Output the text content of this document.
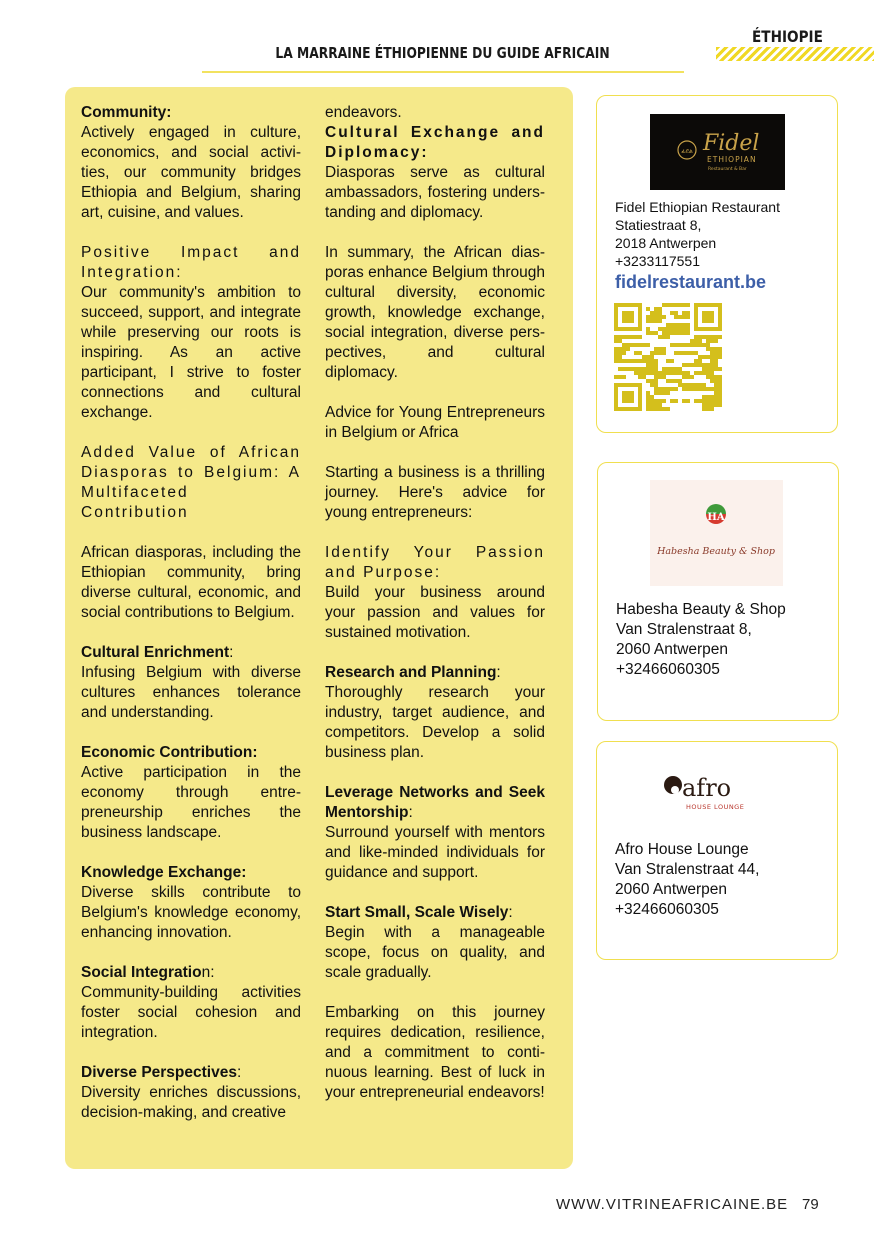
LA MARRAINE ÉTHIOPIENNE DU GUIDE AFRICAIN
ÉTHIOPIE

Community:
Actively engaged in culture, economics, and social activi-ties, our community bridges Ethiopia and Belgium, sharing art, cuisine, and values.

Positive Impact and Integration:
Our community's ambition to succeed, support, and integrate while preserving our roots is inspiring. As an active participant, I strive to foster connections and cultural exchange.

Added Value of African Diasporas to Belgium: A Multifaceted Contribution

African diasporas, including the Ethiopian community, bring diverse cultural, economic, and social contributions to Belgium.

Cultural Enrichment:
Infusing Belgium with diverse cultures enhances tolerance and understanding.

Economic Contribution:
Active participation in the economy through entre-preneurship enriches the business landscape.

Knowledge Exchange:
Diverse skills contribute to Belgium's knowledge economy, enhancing innovation.

Social Integration:
Community-building activities foster social cohesion and integration.

Diverse Perspectives:
Diversity enriches discussions, decision-making, and creative

endeavors.

Cultural Exchange and Diplomacy:
Diasporas serve as cultural ambassadors, fostering unders-tanding and diplomacy.

In summary, the African dias-poras enhance Belgium through cultural diversity, economic growth, knowledge exchange, social integration, diverse pers-pectives, and cultural diplomacy.

Advice for Young Entrepreneurs in Belgium or Africa

Starting a business is a thrilling journey. Here's advice for young entrepreneurs:

Identify Your Passion and Purpose:
Build your business around your passion and values for sustained motivation.

Research and Planning:
Thoroughly research your industry, target audience, and competitors. Develop a solid business plan.

Leverage Networks and Seek Mentorship:
Surround yourself with mentors and like-minded individuals for guidance and support.

Start Small, Scale Wisely:
Begin with a manageable scope, focus on quality, and scale gradually.

Embarking on this journey requires dedication, resilience, and a commitment to conti-nuous learning. Best of luck in your entrepreneurial endeavors!

ፊደል Fidel
ETHIOPIAN
Restaurant & Bar
Fidel Ethiopian Restaurant
Statiestraat 8,
2018 Antwerpen
+3233117551
fidelrestaurant.be
HA
Habesha Beauty & Shop
Habesha Beauty & Shop
Van Stralenstraat 8,
2060 Antwerpen
+32466060305
afro
HOUSE LOUNGE
Afro House Lounge
Van Stralenstraat 44,
2060 Antwerpen
+32466060305
WWW.VITRINEAFRICAINE.BE 79
